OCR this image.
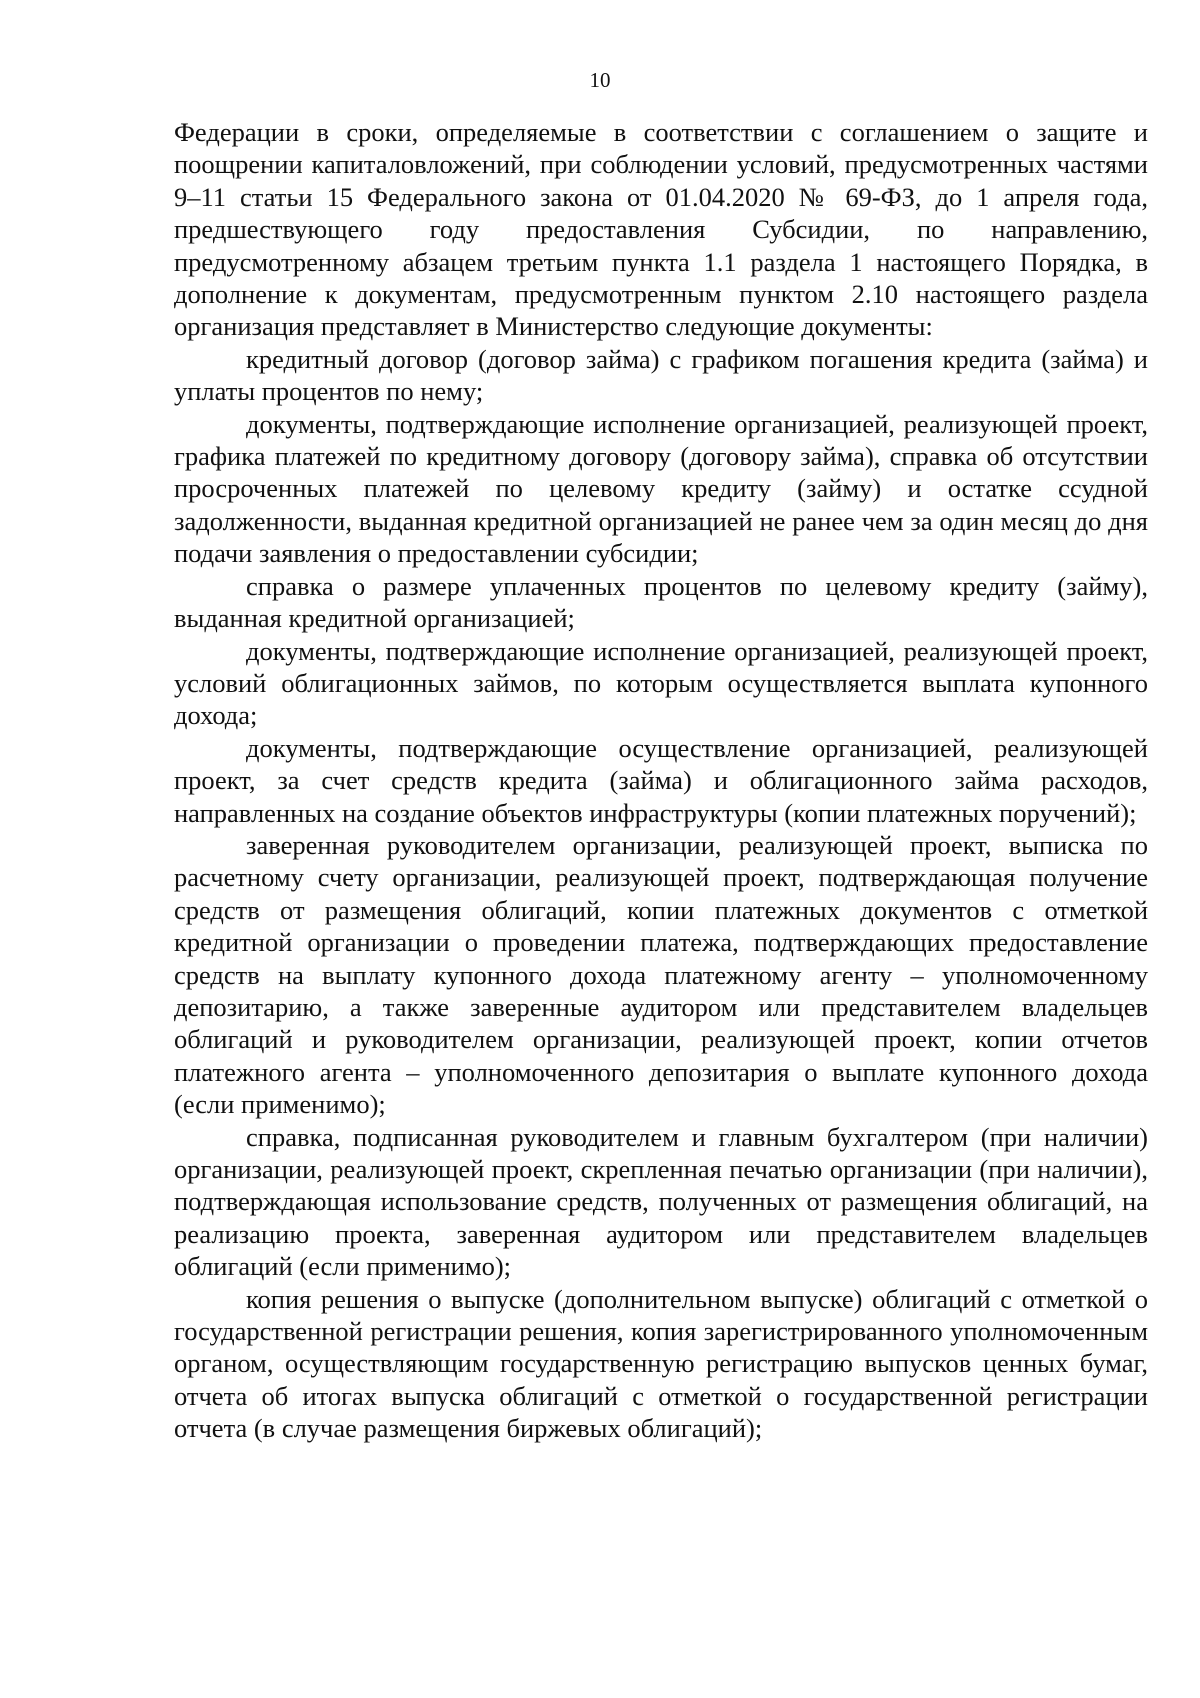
10

Федерации в сроки, определяемые в соответствии с соглашением о защите и поощрении капиталовложений, при соблюдении условий, предусмотренных частями 9–11 статьи 15 Федерального закона от 01.04.2020 № 69-ФЗ, до 1 апреля года, предшествующего году предоставления Субсидии, по направлению, предусмотренному абзацем третьим пункта 1.1 раздела 1 настоящего Порядка, в дополнение к документам, предусмотренным пунктом 2.10 настоящего раздела организация представляет в Министерство следующие документы:

кредитный договор (договор займа) с графиком погашения кредита (займа) и уплаты процентов по нему;

документы, подтверждающие исполнение организацией, реализующей проект, графика платежей по кредитному договору (договору займа), справка об отсутствии просроченных платежей по целевому кредиту (займу) и остатке ссудной задолженности, выданная кредитной организацией не ранее чем за один месяц до дня подачи заявления о предоставлении субсидии;

справка о размере уплаченных процентов по целевому кредиту (займу), выданная кредитной организацией;

документы, подтверждающие исполнение организацией, реализующей проект, условий облигационных займов, по которым осуществляется выплата купонного дохода;

документы, подтверждающие осуществление организацией, реализующей проект, за счет средств кредита (займа) и облигационного займа расходов, направленных на создание объектов инфраструктуры (копии платежных поручений);

заверенная руководителем организации, реализующей проект, выписка по расчетному счету организации, реализующей проект, подтверждающая получение средств от размещения облигаций, копии платежных документов с отметкой кредитной организации о проведении платежа, подтверждающих предоставление средств на выплату купонного дохода платежному агенту – уполномоченному депозитарию, а также заверенные аудитором или представителем владельцев облигаций и руководителем организации, реализующей проект, копии отчетов платежного агента – уполномоченного депозитария о выплате купонного дохода (если применимо);

справка, подписанная руководителем и главным бухгалтером (при наличии) организации, реализующей проект, скрепленная печатью организации (при наличии), подтверждающая использование средств, полученных от размещения облигаций, на реализацию проекта, заверенная аудитором или представителем владельцев облигаций (если применимо);

копия решения о выпуске (дополнительном выпуске) облигаций с отметкой о государственной регистрации решения, копия зарегистрированного уполномоченным органом, осуществляющим государственную регистрацию выпусков ценных бумаг, отчета об итогах выпуска облигаций с отметкой о государственной регистрации отчета (в случае размещения биржевых облигаций);
